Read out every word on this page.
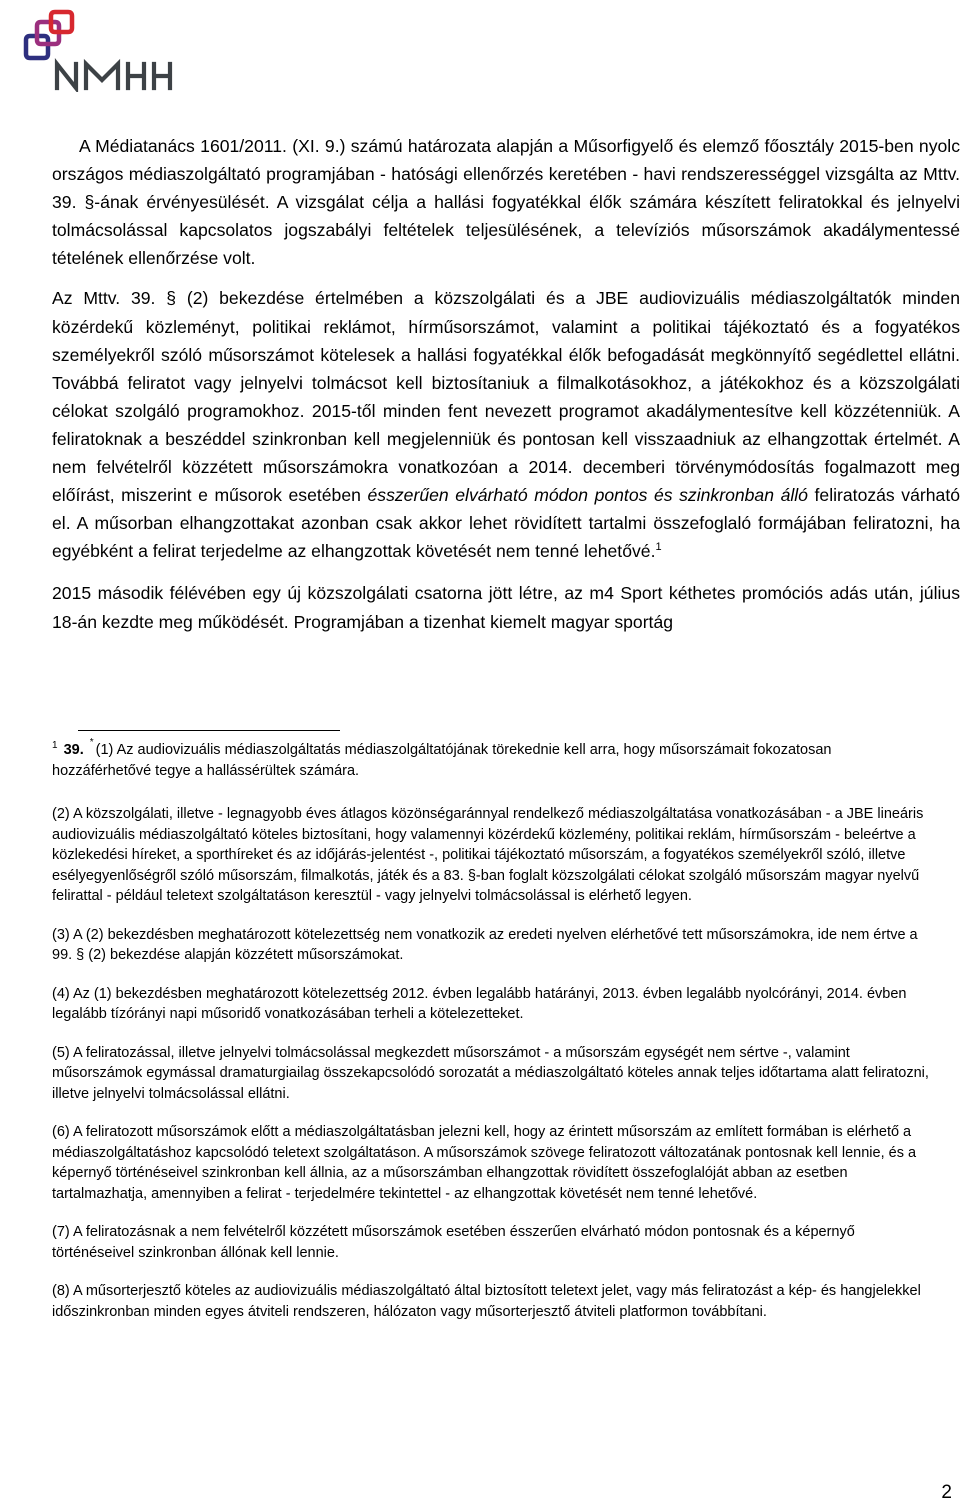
A Médiatanács 1601/2011. (XI. 9.) számú határozata alapján a Műsorfigyelő és elemző főosztály 2015-ben nyolc országos médiaszolgáltató programjában - hatósági ellenőrzés keretében - havi rendszerességgel vizsgálta az Mttv. 39. §-ának érvényesülését. A vizsgálat célja a hallási fogyatékkal élők számára készített feliratokkal és jelnyelvi tolmácsolással kapcsolatos jogszabályi feltételek teljesülésének, a televíziós műsorszámok akadálymentessé tételének ellenőrzése volt.

Az Mttv. 39. § (2) bekezdése értelmében a közszolgálati és a JBE audiovizuális médiaszolgáltatók minden közérdekű közleményt, politikai reklámot, hírműsorszámot, valamint a politikai tájékoztató és a fogyatékos személyekről szóló műsorszámot kötelesek a hallási fogyatékkal élők befogadását megkönnyítő segédlettel ellátni. Továbbá feliratot vagy jelnyelvi tolmácsot kell biztosítaniuk a filmalkotásokhoz, a játékokhoz és a közszolgálati célokat szolgáló programokhoz. 2015-től minden fent nevezett programot akadálymentesítve kell közzétenniük. A feliratoknak a beszéddel szinkronban kell megjelenniük és pontosan kell visszaadniuk az elhangzottak értelmét. A nem felvételről közzétett műsorszámokra vonatkozóan a 2014. decemberi törvénymódosítás fogalmazott meg előírást, miszerint e műsorok esetében ésszerűen elvárható módon pontos és szinkronban álló feliratozás várható el. A műsorban elhangzottakat azonban csak akkor lehet rövidített tartalmi összefoglaló formájában feliratozni, ha egyébként a felirat terjedelme az elhangzottak követését nem tenné lehetővé.$^1$

2015 második félévében egy új közszolgálati csatorna jött létre, az m4 Sport kéthetes promóciós adás után, július 18-án kezdte meg működését. Programjában a tizenhat kiemelt magyar sportág

$^1$ 39. * (1) Az audiovizuális médiaszolgáltatás médiaszolgáltatójának törekednie kell arra, hogy műsorszámait fokozatosan hozzáférhetővé tegye a hallássérültek számára.

(2) A közszolgálati, illetve - legnagyobb éves átlagos közönségaránnyal rendelkező médiaszolgáltatása vonatkozásában - a JBE lineáris audiovizuális médiaszolgáltató köteles biztosítani, hogy valamennyi közérdekű közlemény, politikai reklám, hírműsorszám - beleértve a közlekedési híreket, a sporthíreket és az időjárás-jelentést -, politikai tájékoztató műsorszám, a fogyatékos személyekről szóló, illetve esélyegyenlőségről szóló műsorszám, filmalkotás, játék és a 83. §-ban foglalt közszolgálati célokat szolgáló műsorszám magyar nyelvű felirattal - például teletext szolgáltatáson keresztül - vagy jelnyelvi tolmácsolással is elérhető legyen.

(3) A (2) bekezdésben meghatározott kötelezettség nem vonatkozik az eredeti nyelven elérhetővé tett műsorszámokra, ide nem értve a 99. § (2) bekezdése alapján közzétett műsorszámokat.

(4) Az (1) bekezdésben meghatározott kötelezettség 2012. évben legalább határányi, 2013. évben legalább nyolcórányi, 2014. évben legalább tízórányi napi műsoridő vonatkozásában terheli a kötelezetteket.

(5) A feliratozással, illetve jelnyelvi tolmácsolással megkezdett műsorszámot - a műsorszám egységét nem sértve -, valamint műsorszámok egymással dramaturgiailag összekapcsolódó sorozatát a médiaszolgáltató köteles annak teljes időtartama alatt feliratozni, illetve jelnyelvi tolmácsolással ellátni.

(6) A feliratozott műsorszámok előtt a médiaszolgáltatásban jelezni kell, hogy az érintett műsorszám az említett formában is elérhető a médiaszolgáltatáshoz kapcsolódó teletext szolgáltatáson. A műsorszámok szövege feliratozott változatának pontosnak kell lennie, és a képernyő történéseivel szinkronban kell állnia, az a műsorszámban elhangzottak rövidített összefoglalóját abban az esetben tartalmazhatja, amennyiben a felirat - terjedelmére tekintettel - az elhangzottak követését nem tenné lehetővé.

(7) A feliratozásnak a nem felvételről közzétett műsorszámok esetében ésszerűen elvárható módon pontosnak és a képernyő történéseivel szinkronban állónak kell lennie.

(8) A műsorterjesztő köteles az audiovizuális médiaszolgáltató által biztosított teletext jelet, vagy más feliratozást a kép- és hangjelekkel időszinkronban minden egyes átviteli rendszeren, hálózaton vagy műsorterjesztő átviteli platformon továbbítani.

2
